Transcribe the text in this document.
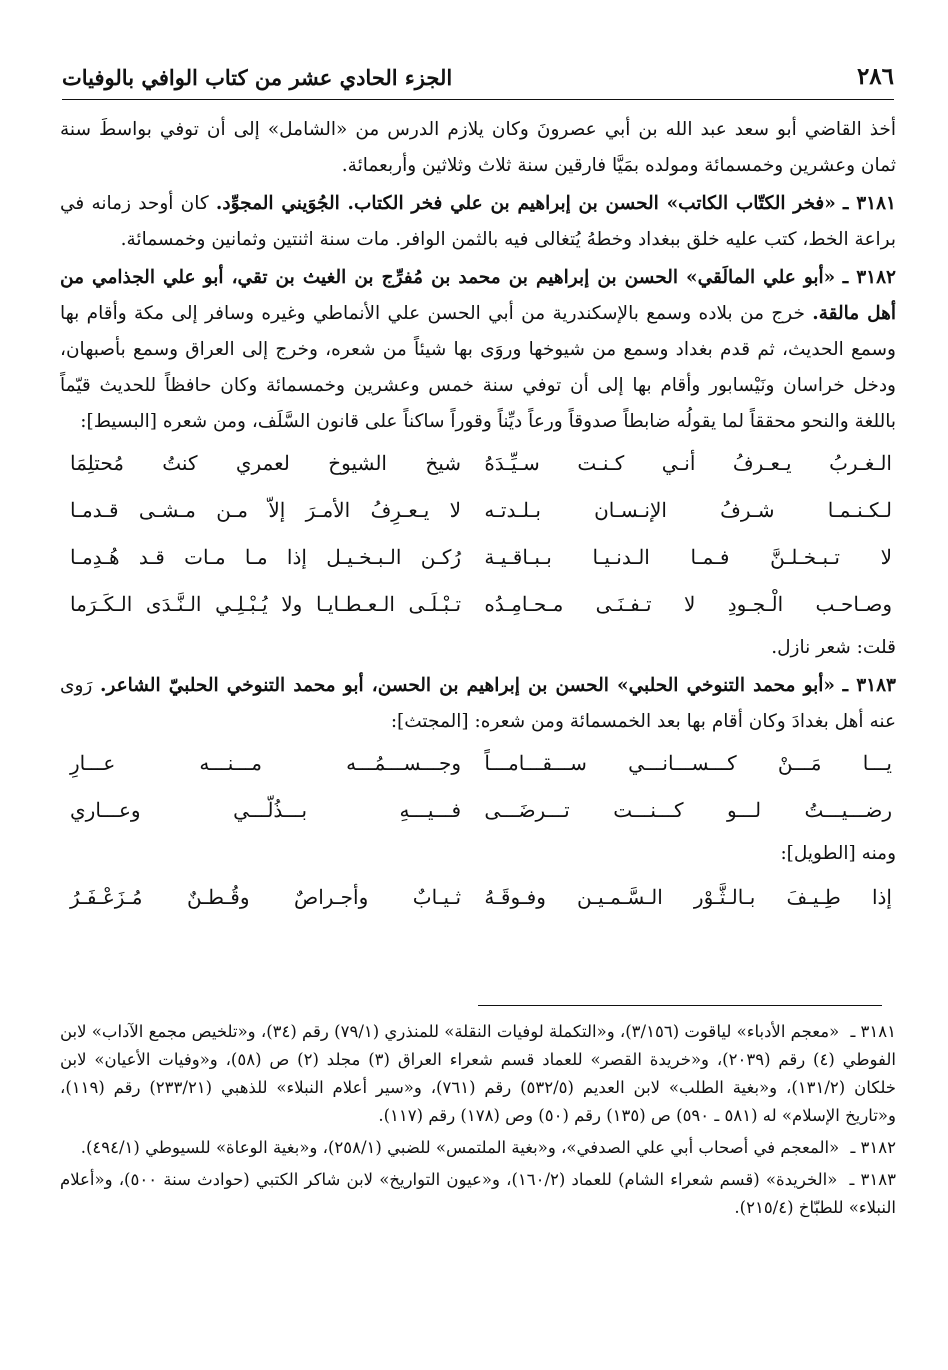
٢٨٦
الجزء الحادي عشر من كتاب الوافي بالوفيات

أخذ القاضي أبو سعد عبد الله بن أبي عصرونَ وكان يلازم الدرس من «الشامل» إلى أن توفي بواسطَ سنة ثمان وعشرين وخمسمائة ومولده بمَيَّا فارقين سنة ثلاث وثلاثين وأربعمائة.

٣١٨١ ـ «فخر الكتّاب الكاتب» الحسن بن إبراهيم بن علي فخر الكتاب. الجُوَيني المجوِّد. كان أوحد زمانه في براعة الخط، كتب عليه خلق ببغداد وخطهُ يُتغالى فيه بالثمن الوافر. مات سنة اثنتين وثمانين وخمسمائة.

٣١٨٢ ـ «أبو علي المالَقي» الحسن بن إبراهيم بن محمد بن مُفرِّج بن الغيث بن تقي، أبو علي الجذامي من أهل مالقة. خرج من بلاده وسمع بالإسكندرية من أبي الحسن علي الأنماطي وغيره وسافر إلى مكة وأقام بها وسمع الحديث، ثم قدم بغداد وسمع من شيوخها وروَى بها شيئاً من شعره، وخرج إلى العراق وسمع بأصبهان، ودخل خراسان ونَيْسابور وأقام بها إلى أن توفي سنة خمس وعشرين وخمسمائة وكان حافظاً للحديث قيّماً باللغة والنحو محققاً لما يقولُه ضابطاً صدوقاً ورعاً ديِّناً وقوراً ساكناً على قانون السَّلَف، ومن شعره [البسيط]:

الـغـربُ يـعـرفُ أنـي كـنـت سـيِّـدَهُ
شيخ الشيوخ لعمري كنتُ مُحتلِمَا
لـكـنـمـا شـرفُ الإنـسـان بـلـدتـه
لا يـعـرِفُ الأمـرَ إلاّ مـن مـشـى قـدمـا
لا تـبـخـلـنَّ فـمـا الـدنـيـا بـبـاقـيـة
رُكـن الـبـخـيـل إذا مـا مـات قـد هُـدِمـا
وصـاحـب الْـجـودِ لا تـفـنَـى مـحـامِـدُه
تـبْـلَـى الـعـطـايـا ولا يُـبْـلِـي الـنَّـدَى الـكَـرَما

قلت: شعر نازل.

٣١٨٣ ـ «أبو محمد التنوخي الحلبي» الحسن بن إبراهيم بن الحسن، أبو محمد التنوخي الحلبيّ الشاعر. رَوى عنه أهل بغدادَ وكان أقام بها بعد الخمسمائة ومن شعره: [المجتث]:

يـــا مَـــنْ كـــســـانـــي ســـقـــامـــاً
وجـــســـمُـــه مـــنـــه عـــارِ
رضـــيـــتُ لـــو كـــنـــت تـــرضَـــى
فـــيـــهِ بـــذُلّـــي وعـــاري
ومنه [الطويل]:
إذا طِـيـفَ بـالـثَّـوْر الـسَّـمـيـن وفـوقَـهُ
ثـيـابٌ وأجـراصٌ وقُـطـنٌ مُـزَعْـفَـرُ

٣١٨١ ـ «معجم الأدباء» لياقوت (٣/١٥٦)، و«التكملة لوفيات النقلة» للمنذري (٧٩/١) رقم (٣٤)، و«تلخيص مجمع الآداب» لابن الفوطي (٤) رقم (٢٠٣٩)، و«خريدة القصر» للعماد قسم شعراء العراق (٣) مجلد (٢) ص (٥٨)، و«وفيات الأعيان» لابن خلكان (١٣١/٢)، و«بغية الطلب» لابن العديم (٥٣٢/٥) رقم (٧٦١)، و«سير أعلام النبلاء» للذهبي (٢٣٣/٢١) رقم (١١٩)، و«تاريخ الإسلام» له (٥٨١ ـ ٥٩٠) ص (١٣٥) رقم (٥٠) وص (١٧٨) رقم (١١٧).

٣١٨٢ ـ «المعجم في أصحاب أبي علي الصدفي»، و«بغية الملتمس» للضبي (٢٥٨/١)، و«بغية الوعاة» للسيوطي (٤٩٤/١).

٣١٨٣ ـ «الخريدة» (قسم شعراء الشام) للعماد (١٦٠/٢)، و«عيون التواريخ» لابن شاكر الكتبي (حوادث سنة ٥٠٠)، و«أعلام النبلاء» للطبّاخ (٢١٥/٤).
